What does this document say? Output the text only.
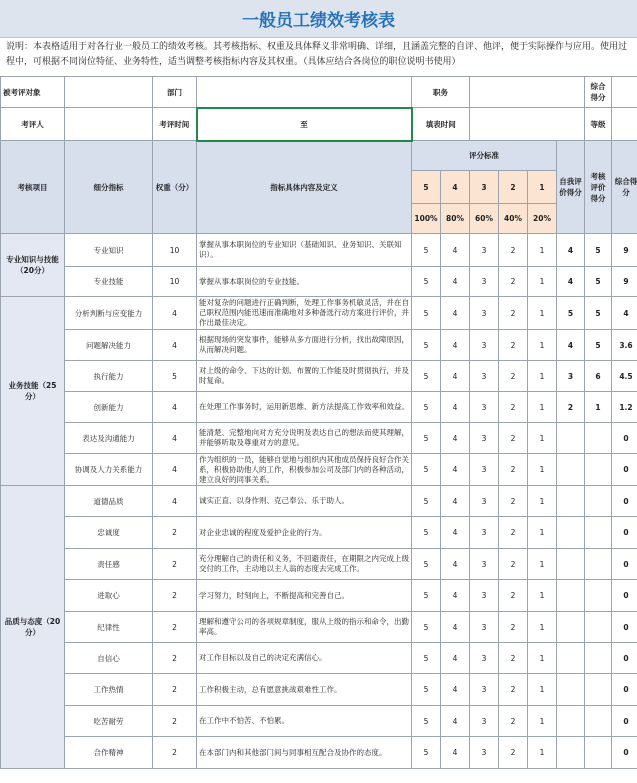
一般员工绩效考核表
说明：本表格适用于对各行业一般员工的绩效考核。其考核指标、权重及具体释义非常明确、详细，且涵盖完整的自评、他评，便于实际操作与应用。使用过程中，可根据不同岗位特征、业务特性，适当调整考核指标内容及其权重。（具体应结合各岗位的职位说明书使用）
被考评对象		部门		职务						综合得分	
考评人		考评时间	至	填表时间						等级	
考核项目	细分指标	权重（分）	指标具体内容及定义	评分标准					自我评价得分	考核评价得分	综合得分
				5	4	3	2	1			
				100%	80%	60%	40%	20%			
专业知识与技能（20分）	专业知识	10	掌握从事本职岗位的专业知识（基础知识、业务知识、关联知识）。	5	4	3	2	1	4	5	9
	专业技能	10	掌握从事本职岗位的专业技能。	5	4	3	2	1	4	5	9
业务技能（25分）	分析判断与应变能力	4	能对复杂的问题进行正确判断，处理工作事务机敏灵活，并在自己职权范围内能迅速而准确地对多种备选行动方案进行评价，并作出最佳决定。	5	4	3	2	1	5	5	4
	问题解决能力	4	根据现场的突发事件，能够从多方面进行分析，找出故障原因，从而解决问题。	5	4	3	2	1	4	5	3.6
	执行能力	5	对上级的命令、下达的计划、布置的工作能及时贯彻执行，并及时复命。	5	4	3	2	1	3	6	4.5
	创新能力	4	在处理工作事务时，运用新思维、新方法提高工作效率和效益。	5	4	3	2	1	2	1	1.2
	表达及沟通能力	4	能清楚、完整地向对方充分说明及表达自己的想法而使其理解，并能够听取及尊重对方的意见。	5	4	3	2	1			0
	协调及人力关系能力	4	作为组织的一员，能够自觉地与组织内其他成员保持良好合作关系，积极协助他人的工作，积极参加公司及部门内的各种活动，建立良好的同事关系。	5	4	3	2	1			0
品质与态度（20分）	道德品质	4	诚实正直、以身作则、克己奉公、乐于助人。	5	4	3	2	1			0
	忠诚度	2	对企业忠诚的程度及爱护企业的行为。	5	4	3	2	1			0
	责任感	2	充分理解自己的责任和义务，不回避责任，在期限之内完成上级交付的工作，主动地以主人翁的态度去完成工作。	5	4	3	2	1			0
	进取心	2	学习努力，时刻向上，不断提高和完善自己。	5	4	3	2	1			0
	纪律性	2	理解和遵守公司的各项规章制度，服从上级的指示和命令，出勤率高。	5	4	3	2	1			0
	自信心	2	对工作目标以及自己的决定充满信心。	5	4	3	2	1			0
	工作热情	2	工作积极主动，总有愿意挑战艰难性工作。	5	4	3	2	1			0
	吃苦耐劳	2	在工作中不怕苦、不怕累。	5	4	3	2	1			0
	合作精神	2	在本部门内和其他部门间与同事相互配合及协作的态度。	5	4	3	2	1			0
